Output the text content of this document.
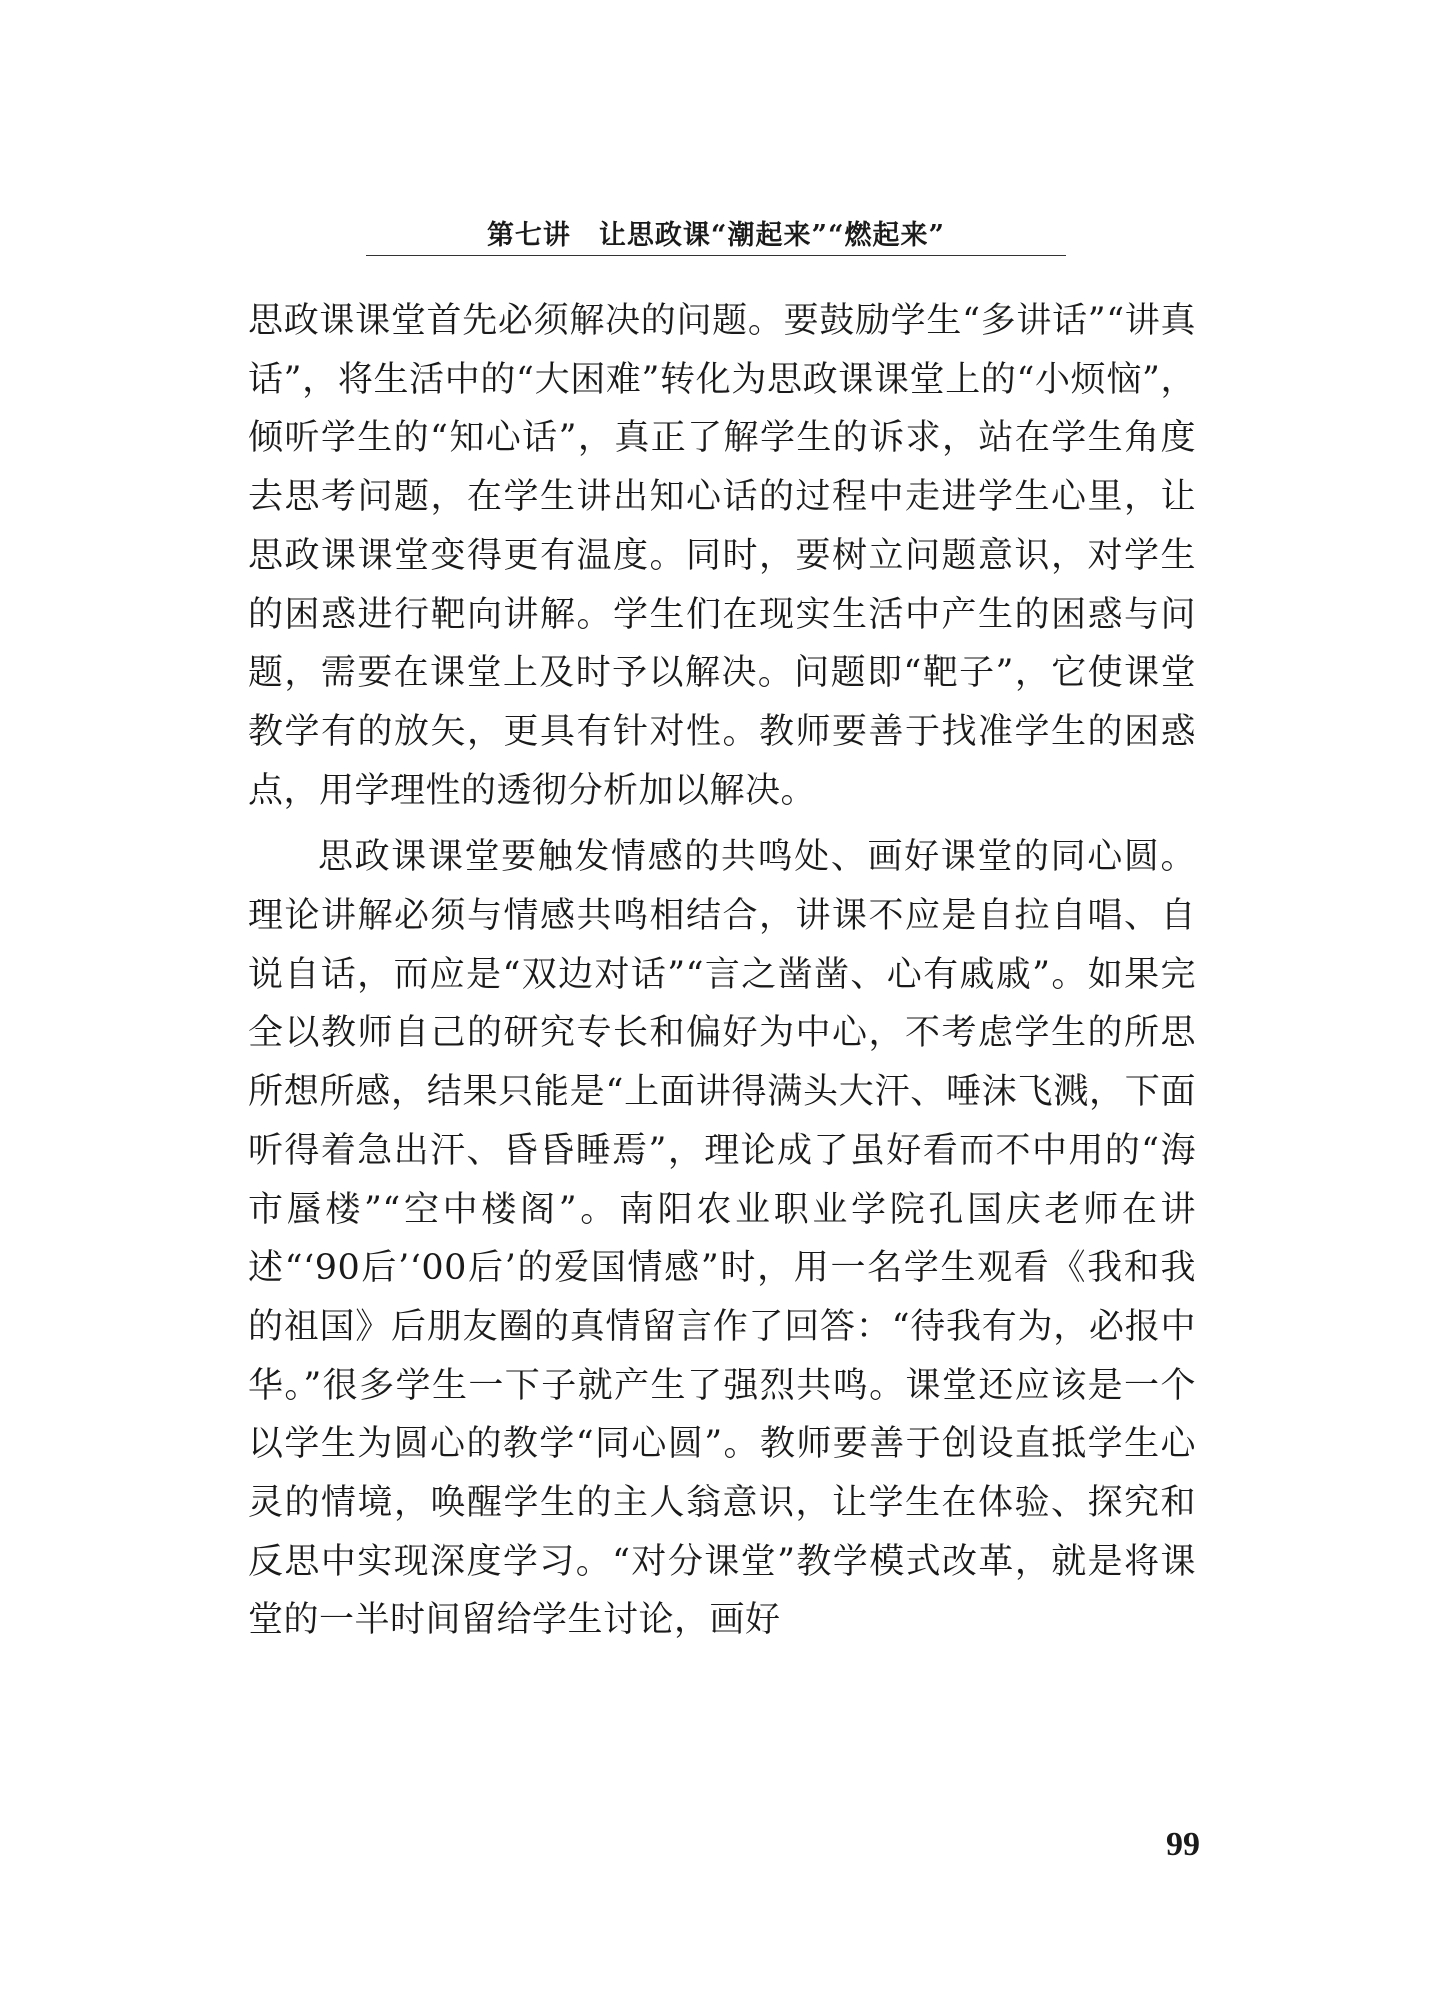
第七讲　让思政课“潮起来”“燃起来”

思政课课堂首先必须解决的问题。要鼓励学生“多讲话”“讲真话”，将生活中的“大困难”转化为思政课课堂上的“小烦恼”，倾听学生的“知心话”，真正了解学生的诉求，站在学生角度去思考问题，在学生讲出知心话的过程中走进学生心里，让思政课课堂变得更有温度。同时，要树立问题意识，对学生的困惑进行靶向讲解。学生们在现实生活中产生的困惑与问题，需要在课堂上及时予以解决。问题即“靶子”，它使课堂教学有的放矢，更具有针对性。教师要善于找准学生的困惑点，用学理性的透彻分析加以解决。

思政课课堂要触发情感的共鸣处、画好课堂的同心圆。理论讲解必须与情感共鸣相结合，讲课不应是自拉自唱、自说自话，而应是“双边对话”“言之凿凿、心有戚戚”。如果完全以教师自己的研究专长和偏好为中心，不考虑学生的所思所想所感，结果只能是“上面讲得满头大汗、唾沫飞溅，下面听得着急出汗、昏昏睡焉”，理论成了虽好看而不中用的“海市蜃楼”“空中楼阁”。南阳农业职业学院孔国庆老师在讲述“‘90后’‘00后’的爱国情感”时，用一名学生观看《我和我的祖国》后朋友圈的真情留言作了回答：“待我有为，必报中华。”很多学生一下子就产生了强烈共鸣。课堂还应该是一个以学生为圆心的教学“同心圆”。教师要善于创设直抵学生心灵的情境，唤醒学生的主人翁意识，让学生在体验、探究和反思中实现深度学习。“对分课堂”教学模式改革，就是将课堂的一半时间留给学生讨论，画好

99
